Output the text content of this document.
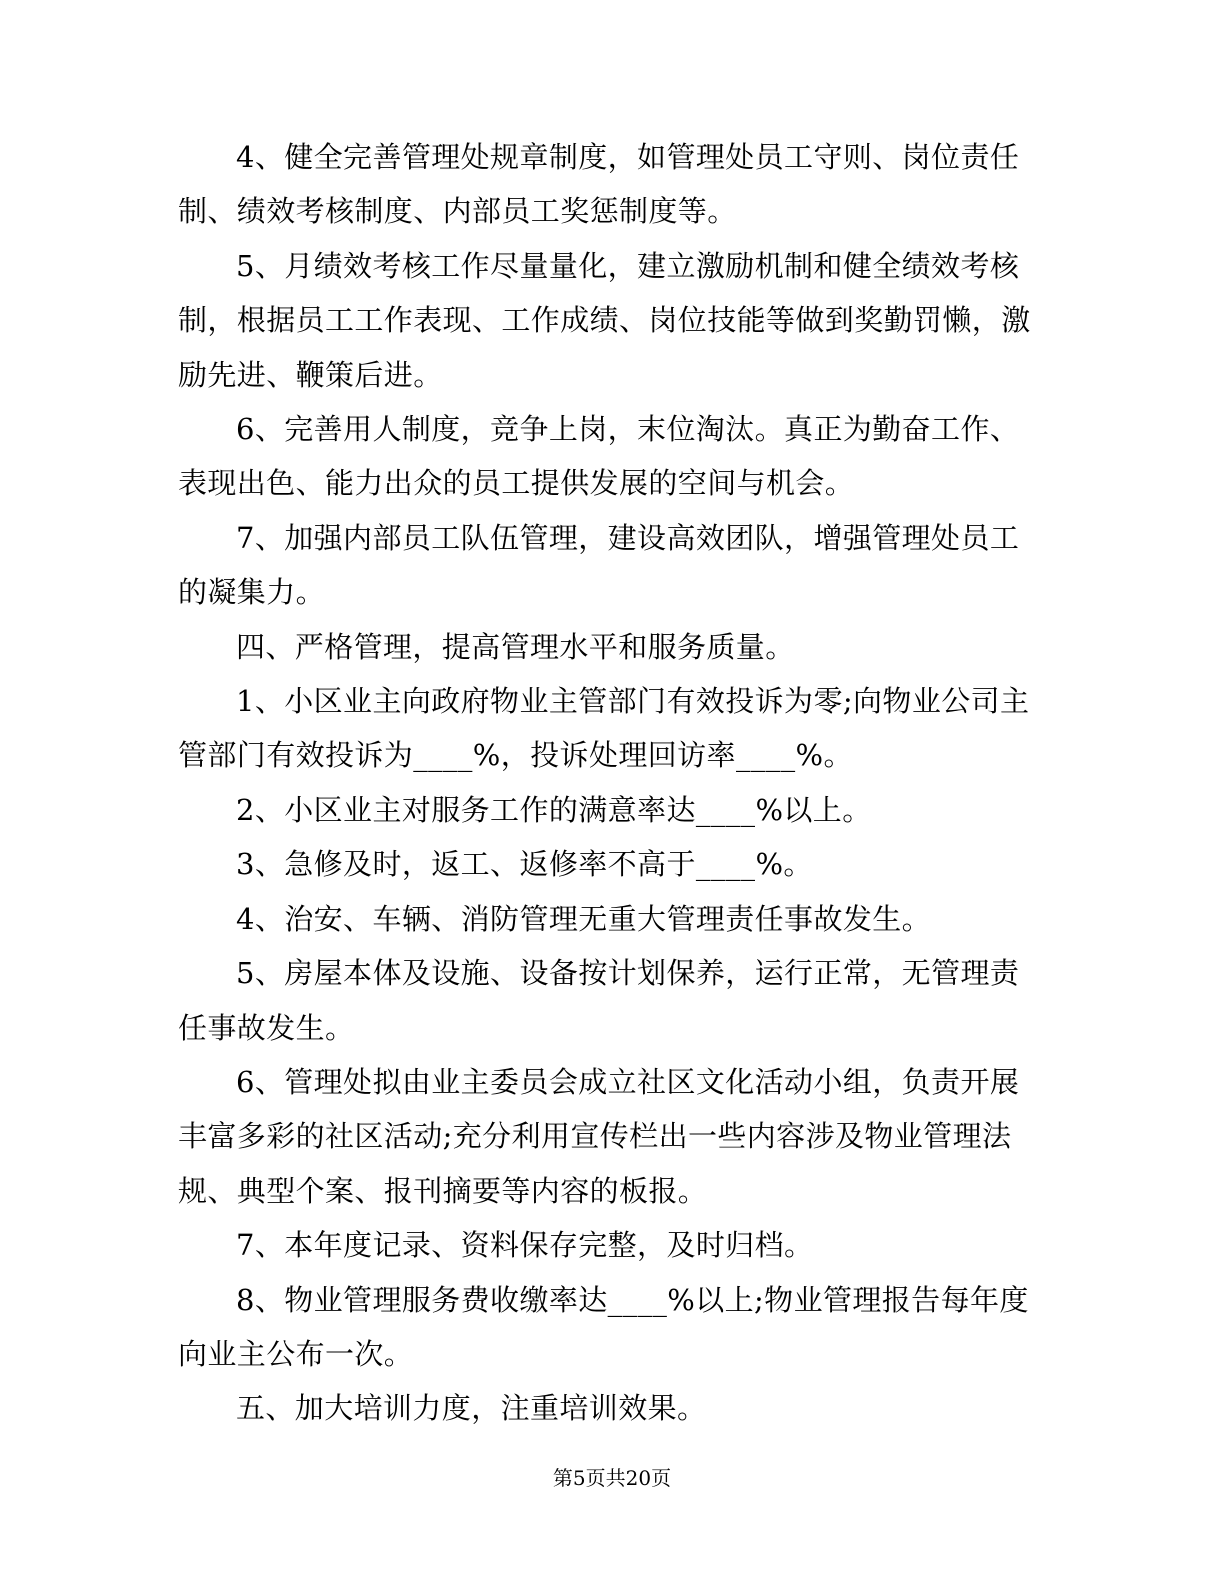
4、健全完善管理处规章制度，如管理处员工守则、岗位责任制、绩效考核制度、内部员工奖惩制度等。

5、月绩效考核工作尽量量化，建立激励机制和健全绩效考核制，根据员工工作表现、工作成绩、岗位技能等做到奖勤罚懒，激励先进、鞭策后进。

6、完善用人制度，竞争上岗，末位淘汰。真正为勤奋工作、表现出色、能力出众的员工提供发展的空间与机会。

7、加强内部员工队伍管理，建设高效团队，增强管理处员工的凝集力。

四、严格管理，提高管理水平和服务质量。

1、小区业主向政府物业主管部门有效投诉为零;向物业公司主管部门有效投诉为____%，投诉处理回访率____%。

2、小区业主对服务工作的满意率达____%以上。

3、急修及时，返工、返修率不高于____%。

4、治安、车辆、消防管理无重大管理责任事故发生。

5、房屋本体及设施、设备按计划保养，运行正常，无管理责任事故发生。

6、管理处拟由业主委员会成立社区文化活动小组，负责开展丰富多彩的社区活动;充分利用宣传栏出一些内容涉及物业管理法规、典型个案、报刊摘要等内容的板报。

7、本年度记录、资料保存完整，及时归档。

8、物业管理服务费收缴率达____%以上;物业管理报告每年度向业主公布一次。

五、加大培训力度，注重培训效果。

第5页共20页
